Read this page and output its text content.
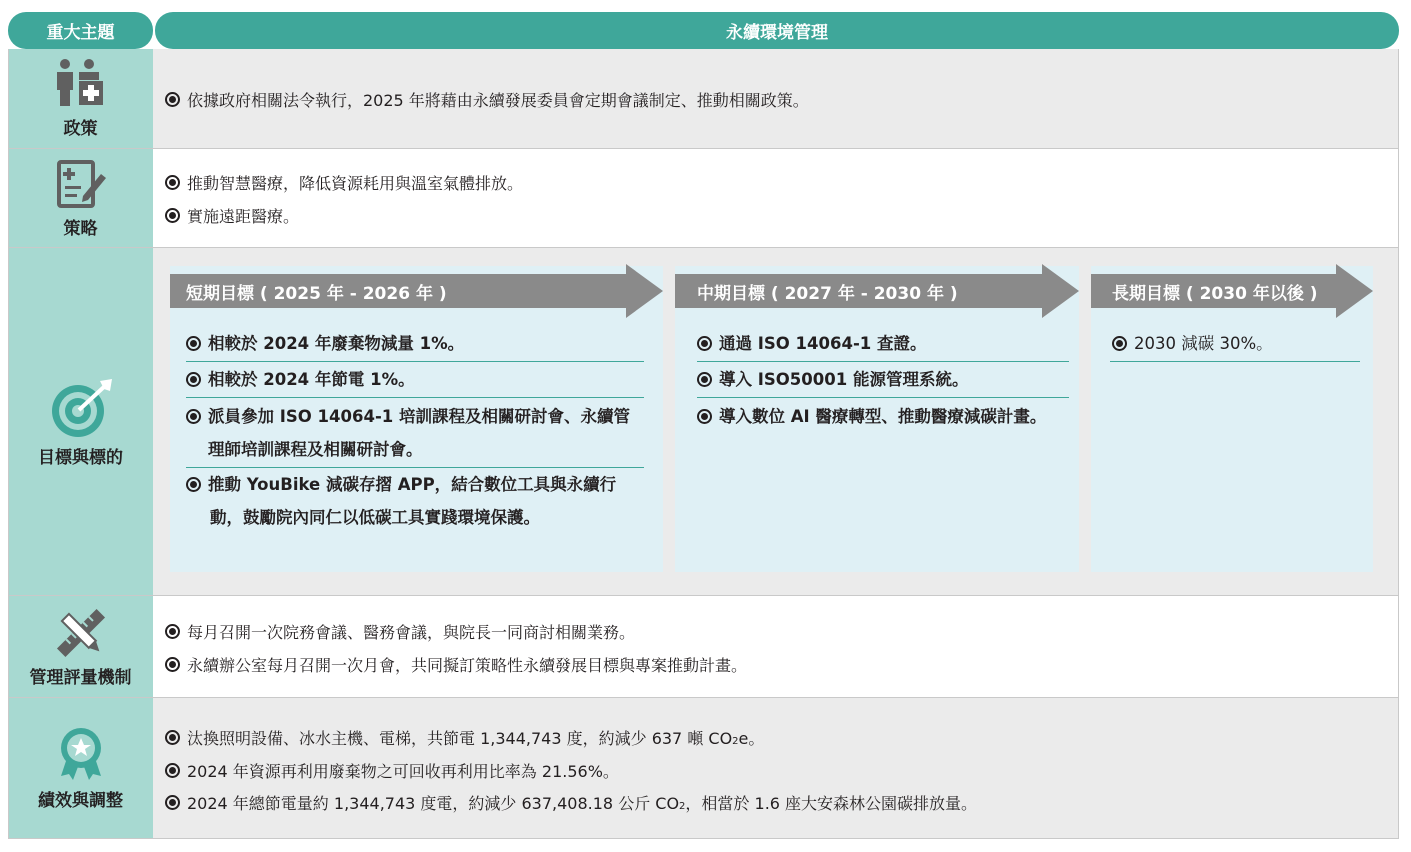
重大主題	永續環境管理
政策
依據政府相關法令執行，2025 年將藉由永續發展委員會定期會議制定、推動相關政策。
策略
推動智慧醫療，降低資源耗用與溫室氣體排放。
實施遠距醫療。
目標與標的
短期目標 ( 2025 年 - 2026 年 )
相較於 2024 年廢棄物減量 1%。
相較於 2024 年節電 1%。
派員參加 ISO 14064-1 培訓課程及相關研討會、永續管
理師培訓課程及相關研討會。
推動 YouBike 減碳存摺 APP，結合數位工具與永續行
動，鼓勵院內同仁以低碳工具實踐環境保護。
中期目標 ( 2027 年 - 2030 年 )
通過 ISO 14064-1 查證。
導入 ISO50001 能源管理系統。
導入數位 AI 醫療轉型、推動醫療減碳計畫。
長期目標 ( 2030 年以後 )
2030 減碳 30%。
管理評量機制
每月召開一次院務會議、醫務會議，與院長一同商討相關業務。
永續辦公室每月召開一次月會，共同擬訂策略性永續發展目標與專案推動計畫。
績效與調整
汰換照明設備、冰水主機、電梯，共節電 1,344,743 度，約減少 637 噸 CO 2 e。
2024 年資源再利用廢棄物之可回收再利用比率為 21.56%。
2024 年總節電量約 1,344,743 度電，約減少 637,408.18 公斤 CO 2 ，相當於 1.6 座大安森林公園碳排放量。
